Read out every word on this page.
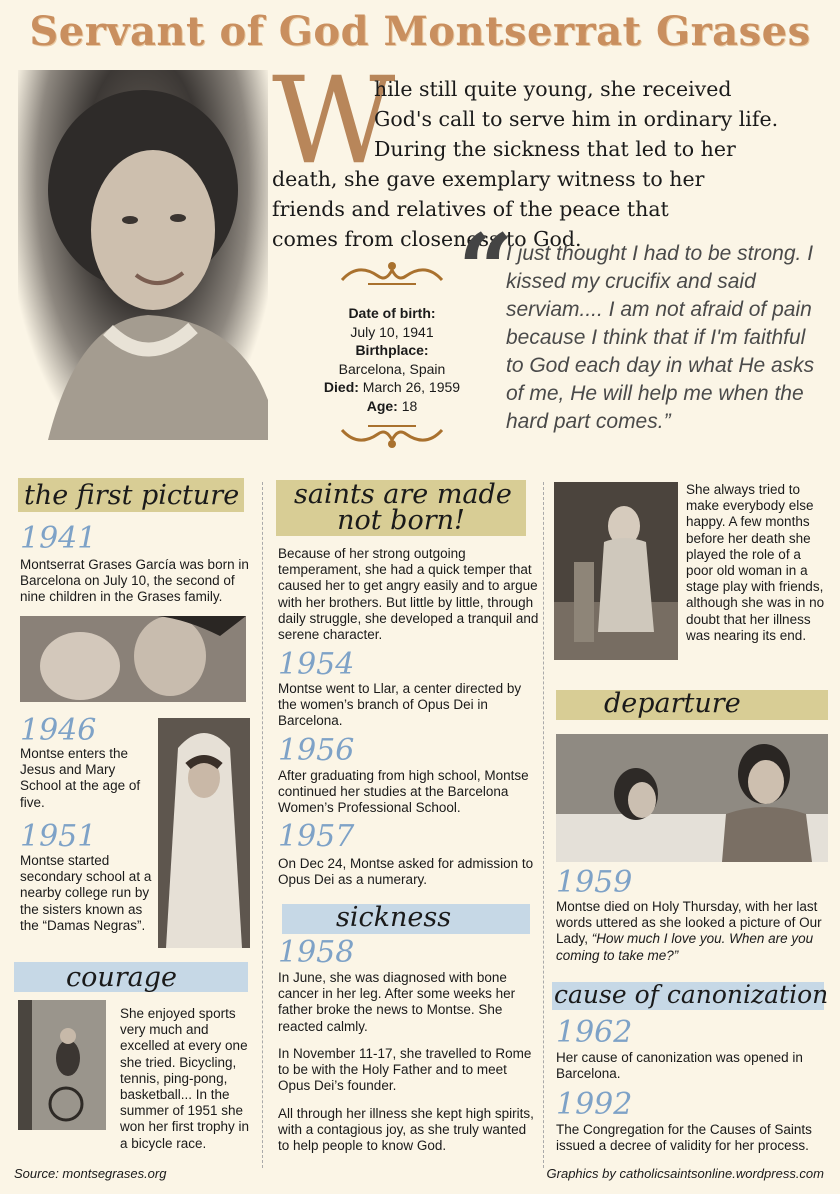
Servant of God Montserrat Grases
W
hile still quite young, she received
God's call to serve him in ordinary life.
During the sickness that led to her
death, she gave exemplary witness to her friends and relatives of the peace that comes from closeness to God.
Date of birth:
July 10, 1941
Birthplace:
Barcelona, Spain
Died: March 26, 1959
Age: 18
“
I just thought I had to be strong. I kissed my crucifix and said serviam.... I am not afraid of pain because I think that if I'm faithful to God each day in what He asks of me, He will help me when the hard part comes.”
the first picture
1941
Montserrat Grases García was born in Barcelona on July 10, the second of nine children in the Grases family.
1946
Montse enters the Jesus and Mary School at the age of five.
1951
Montse started secondary school at a nearby college run by the sisters known as the “Damas Negras”.
courage
She enjoyed sports very much and excelled at every one she tried. Bicycling, tennis, ping-pong, basketball... In the summer of 1951 she won her first trophy in a bicycle race.
saints are made
not born!
Because of her strong outgoing temperament, she had a quick temper that caused her to get angry easily and to argue with her brothers. But little by little, through daily struggle, she developed a tranquil and serene character.
1954
Montse went to Llar, a center directed by the women’s branch of Opus Dei in Barcelona.
1956
After graduating from high school, Montse continued her studies at the Barcelona Women’s Professional School.
1957
On Dec 24, Montse asked for admission to Opus Dei as a numerary.
sickness
1958
In June, she was diagnosed with bone cancer in her leg. After some weeks her father broke the news to Montse. She reacted calmly.
In November 11-17, she travelled to Rome to be with the Holy Father and to meet Opus Dei’s founder.
All through her illness she kept high spirits, with a contagious joy, as she truly wanted to help people to know God.
She always tried to make everybody else happy. A few months before her death she played the role of a poor old woman in a stage play with friends, although she was in no doubt that her illness was nearing its end.
departure
1959
Montse died on Holy Thursday, with her last words uttered as she looked a picture of Our Lady, “How much I love you. When are you coming to take me?”
cause of canonization
1962
Her cause of canonization was opened in Barcelona.
1992
The Congregation for the Causes of Saints issued a decree of validity for her process.
Source: montsegrases.org	Graphics by catholicsaintsonline.wordpress.com
